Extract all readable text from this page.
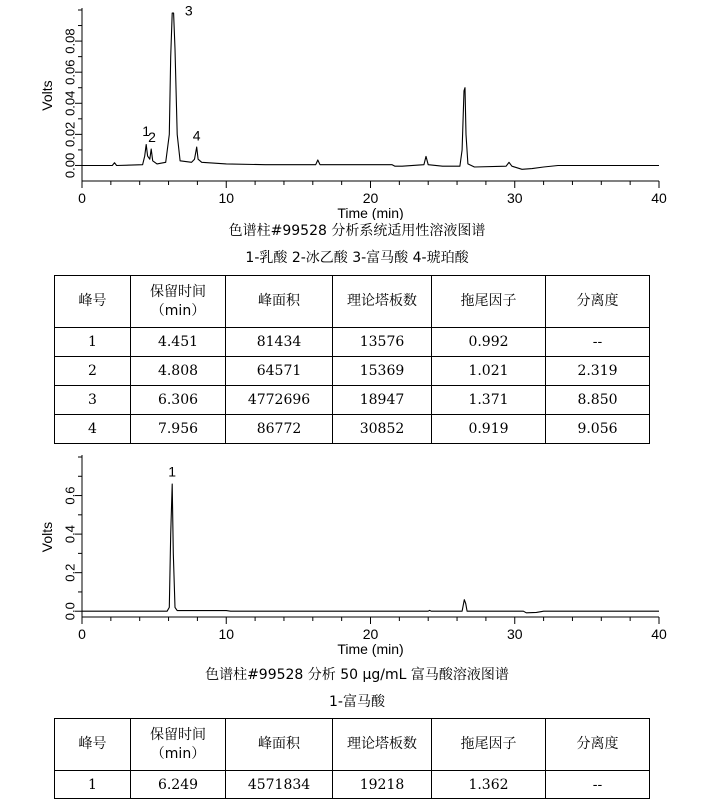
0	10	20	30	40
Time (min)
0.00
0.02
0.04
0.06
0.08
Volts
1
2
3
4
色谱柱#99528 分析系统适用性溶液图谱
1-乳酸 2-冰乙酸 3-富马酸 4-琥珀酸
峰号	保留时间
（min）	峰面积	理论塔板数	拖尾因子	分离度
1	4.451	81434	13576	0.992	--
2	4.808	64571	15369	1.021	2.319
3	6.306	4772696	18947	1.371	8.850
4	7.956	86772	30852	0.919	9.056
0	10	20	30	40
Time (min)
0.0
0.2
0.4
0.6
Volts
1
色谱柱#99528 分析 50 μg/mL 富马酸溶液图谱
1-富马酸
峰号	保留时间
（min）	峰面积	理论塔板数	拖尾因子	分离度
1	6.249	4571834	19218	1.362	--
